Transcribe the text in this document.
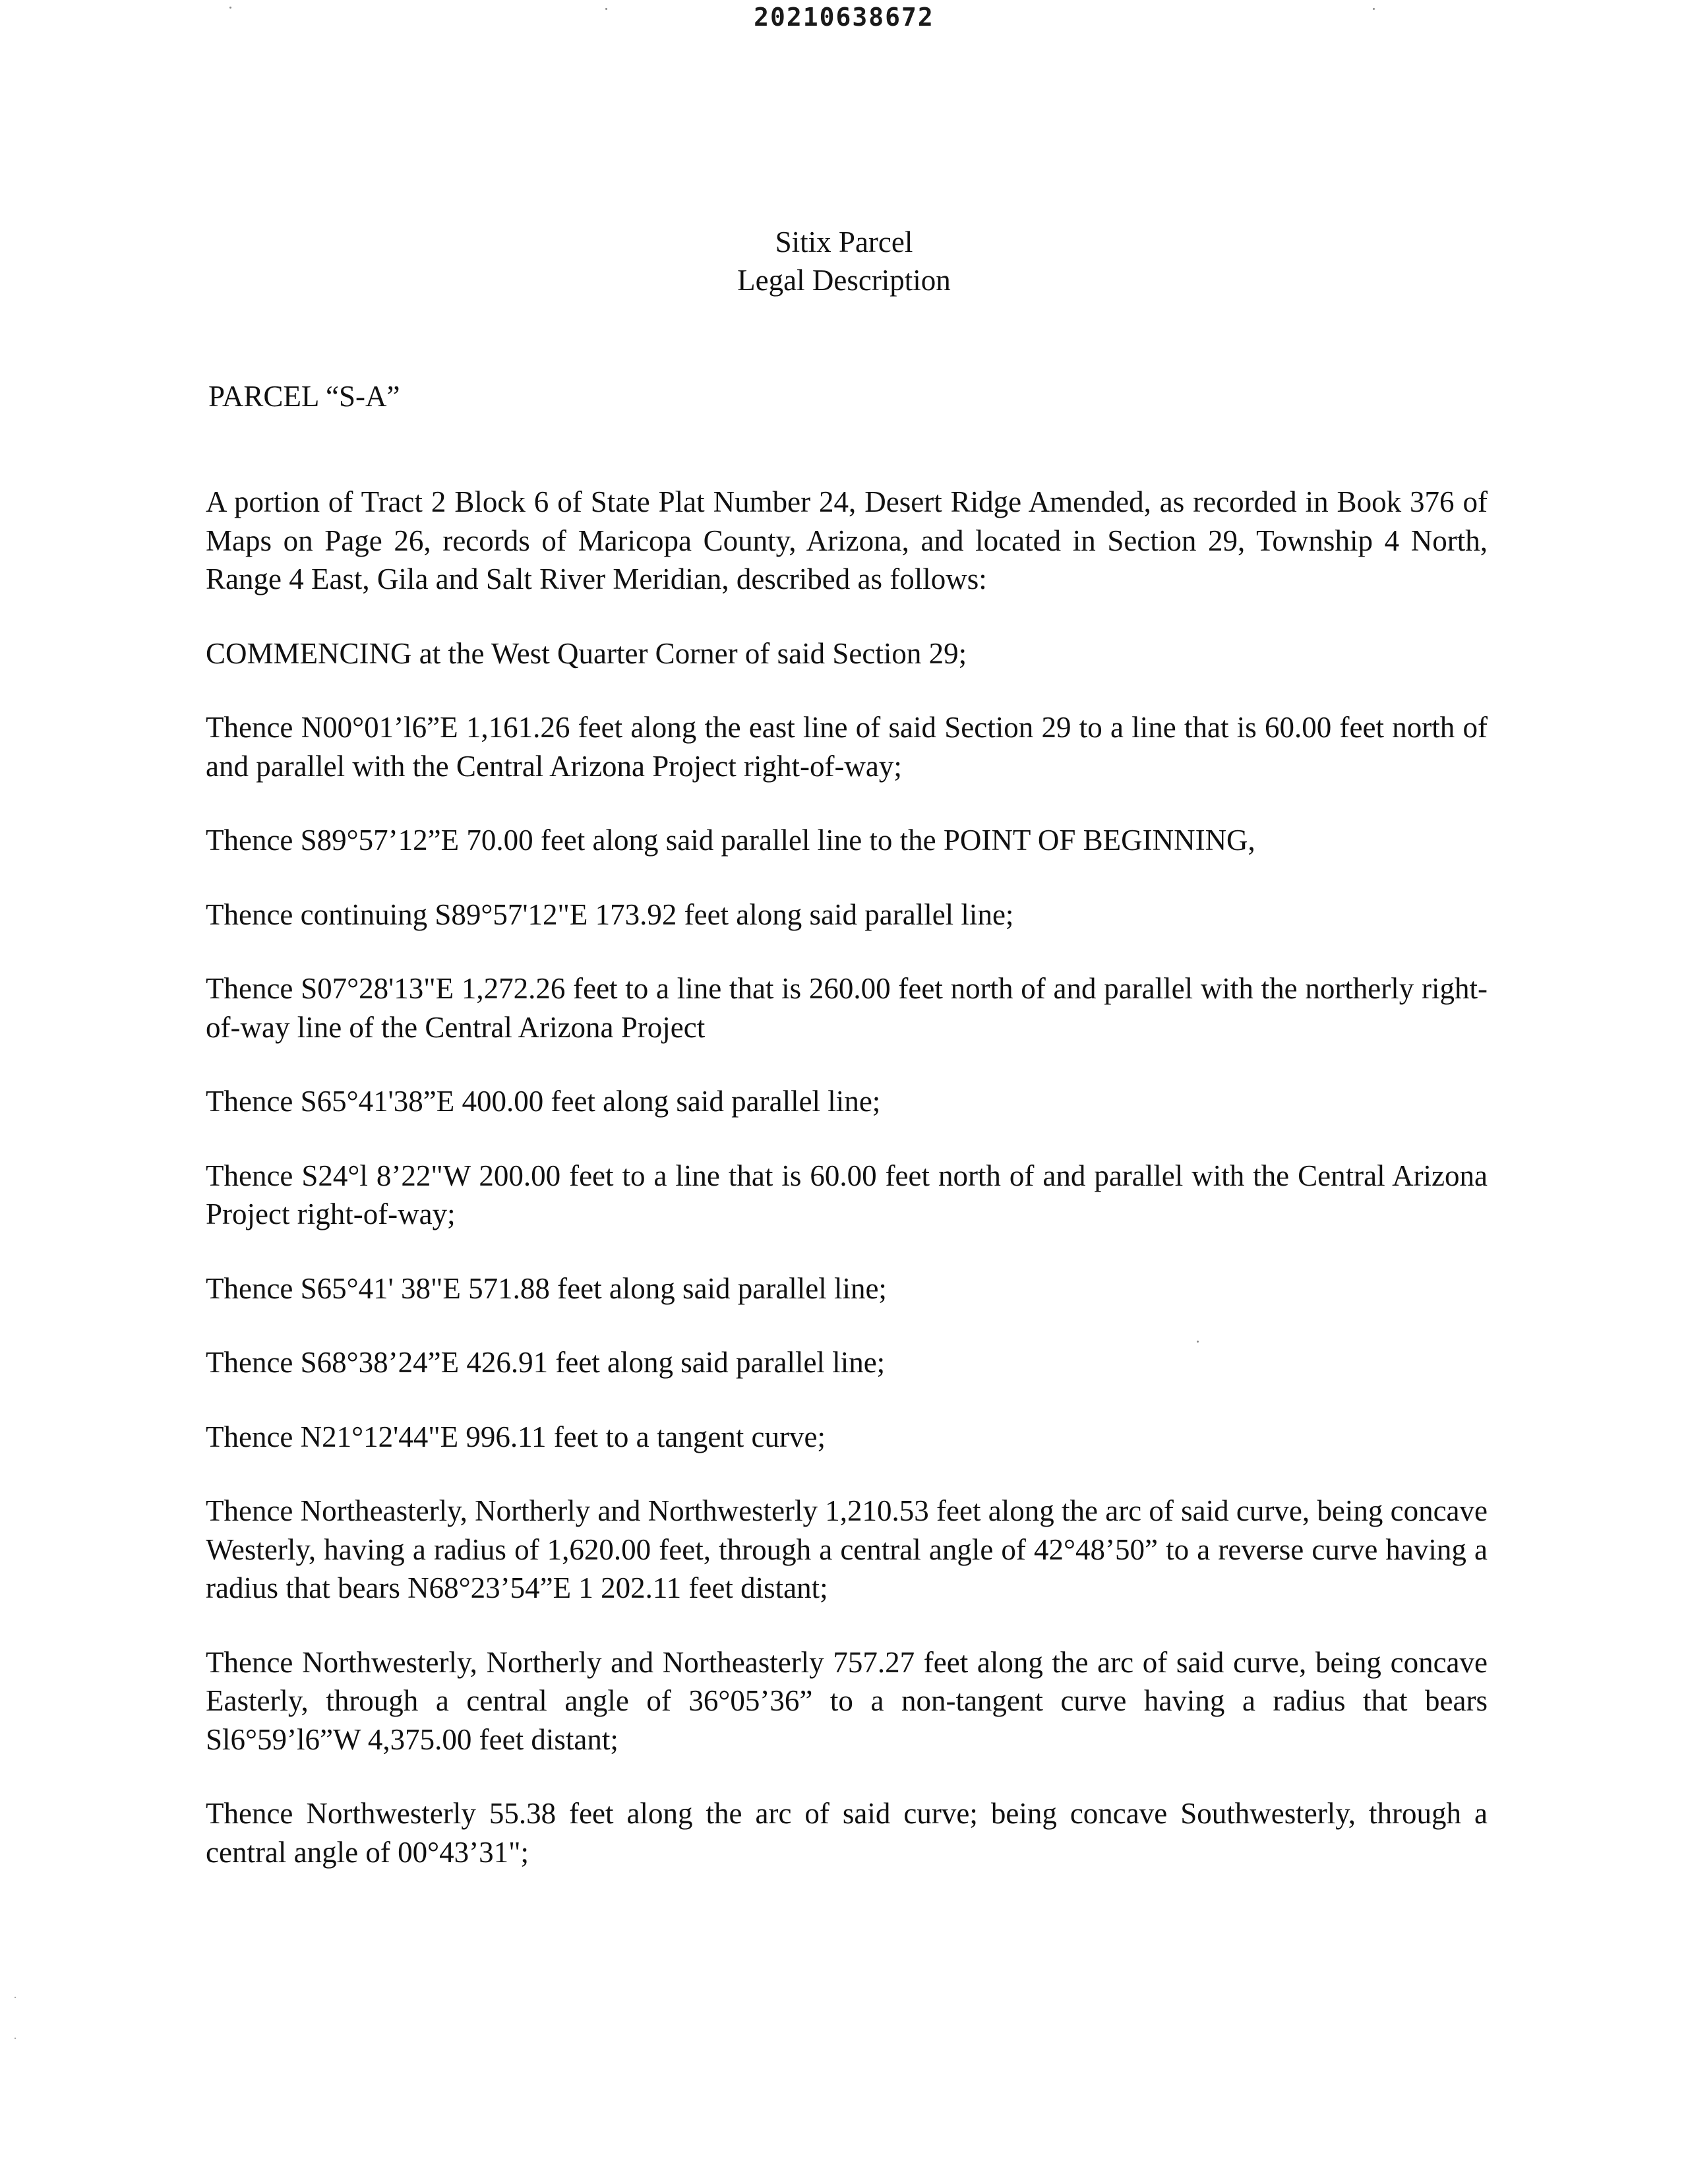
20210638672
Sitix Parcel
Legal Description
PARCEL “S-A”

A portion of Tract 2 Block 6 of State Plat Number 24, Desert Ridge Amended, as recorded in Book 376 of Maps on Page 26, records of Maricopa County, Arizona, and located in Section 29, Township 4 North, Range 4 East, Gila and Salt River Meridian, described as follows:

COMMENCING at the West Quarter Corner of said Section 29;

Thence N00°01’l6”E 1,161.26 feet along the east line of said Section 29 to a line that is 60.00 feet north of and parallel with the Central Arizona Project right-of-way;

Thence S89°57’12”E 70.00 feet along said parallel line to the POINT OF BEGINNING,

Thence continuing S89°57'12"E 173.92 feet along said parallel line;

Thence S07°28'13"E 1,272.26 feet to a line that is 260.00 feet north of and parallel with the northerly right- of-way line of the Central Arizona Project

Thence S65°41'38”E 400.00 feet along said parallel line;

Thence S24°l 8’22"W 200.00 feet to a line that is 60.00 feet north of and parallel with the Central Arizona Project right-of-way;

Thence S65°41' 38"E 571.88 feet along said parallel line;

Thence S68°38’24”E 426.91 feet along said parallel line;

Thence N21°12'44"E 996.11 feet to a tangent curve;

Thence Northeasterly, Northerly and Northwesterly 1,210.53 feet along the arc of said curve, being concave Westerly, having a radius of 1,620.00 feet, through a central angle of 42°48’50” to a reverse curve having a radius that bears N68°23’54”E 1 202.11 feet distant;

Thence Northwesterly, Northerly and Northeasterly 757.27 feet along the arc of said curve, being concave Easterly, through a central angle of 36°05’36” to a non-tangent curve having a radius that bears Sl6°59’l6”W 4,375.00 feet distant;

Thence Northwesterly 55.38 feet along the arc of said curve; being concave Southwesterly, through a central angle of 00°43’31";
